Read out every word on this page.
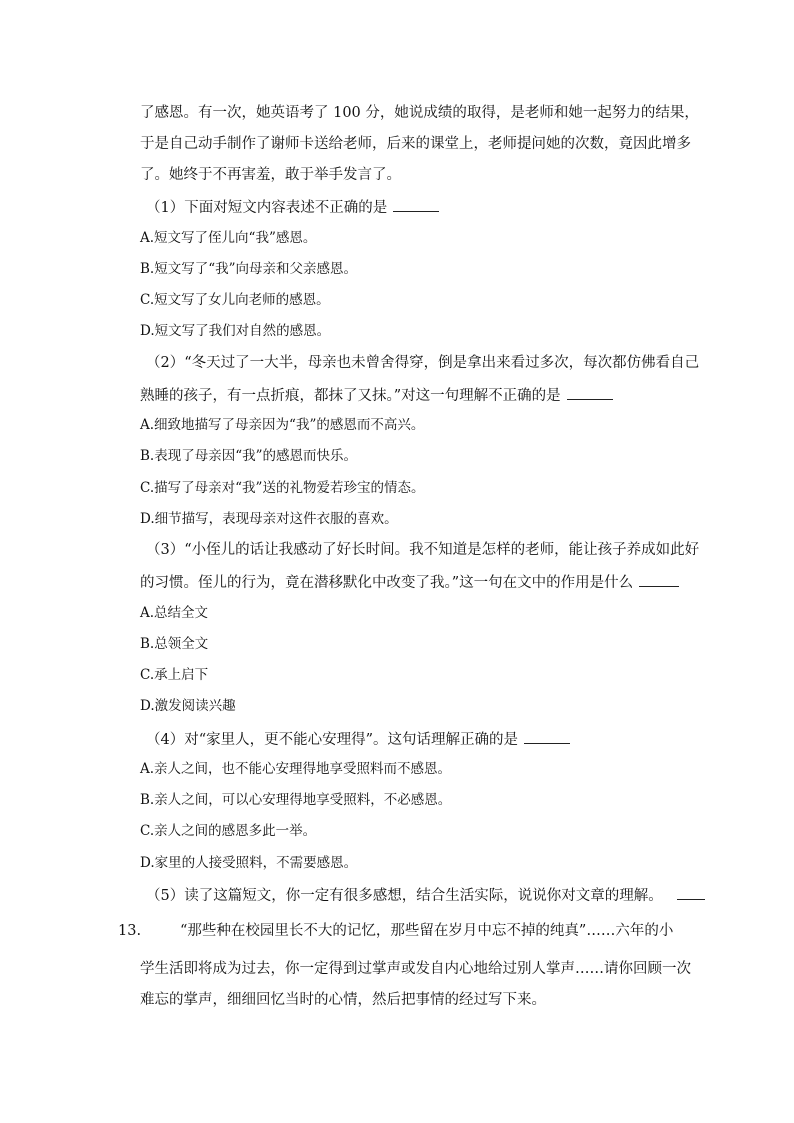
了感恩。有一次，她英语考了 100 分，她说成绩的取得，是老师和她一起努力的结果，
于是自己动手制作了谢师卡送给老师，后来的课堂上，老师提问她的次数，竟因此增多
了。她终于不再害羞，敢于举手发言了。
（1）下面对短文内容表述不正确的是
A.短文写了侄儿向“我”感恩。
B.短文写了“我”向母亲和父亲感恩。
C.短文写了女儿向老师的感恩。
D.短文写了我们对自然的感恩。
（2）“冬天过了一大半，母亲也未曾舍得穿，倒是拿出来看过多次，每次都仿佛看自己
熟睡的孩子，有一点折痕，都抹了又抹。”对这一句理解不正确的是
A.细致地描写了母亲因为“我”的感恩而不高兴。
B.表现了母亲因“我”的感恩而快乐。
C.描写了母亲对“我”送的礼物爱若珍宝的情态。
D.细节描写，表现母亲对这件衣服的喜欢。
（3）“小侄儿的话让我感动了好长时间。我不知道是怎样的老师，能让孩子养成如此好
的习惯。侄儿的行为，竟在潜移默化中改变了我。”这一句在文中的作用是什么
A.总结全文
B.总领全文
C.承上启下
D.激发阅读兴趣
（4）对“家里人，更不能心安理得”。这句话理解正确的是
A.亲人之间，也不能心安理得地享受照料而不感恩。
B.亲人之间，可以心安理得地享受照料，不必感恩。
C.亲人之间的感恩多此一举。
D.家里的人接受照料，不需要感恩。
（5）读了这篇短文，你一定有很多感想，结合生活实际，说说你对文章的理解。
13.	“那些种在校园里长不大的记忆，那些留在岁月中忘不掉的纯真”……六年的小
学生活即将成为过去，你一定得到过掌声或发自内心地给过别人掌声……请你回顾一次
难忘的掌声，细细回忆当时的心情，然后把事情的经过写下来。
